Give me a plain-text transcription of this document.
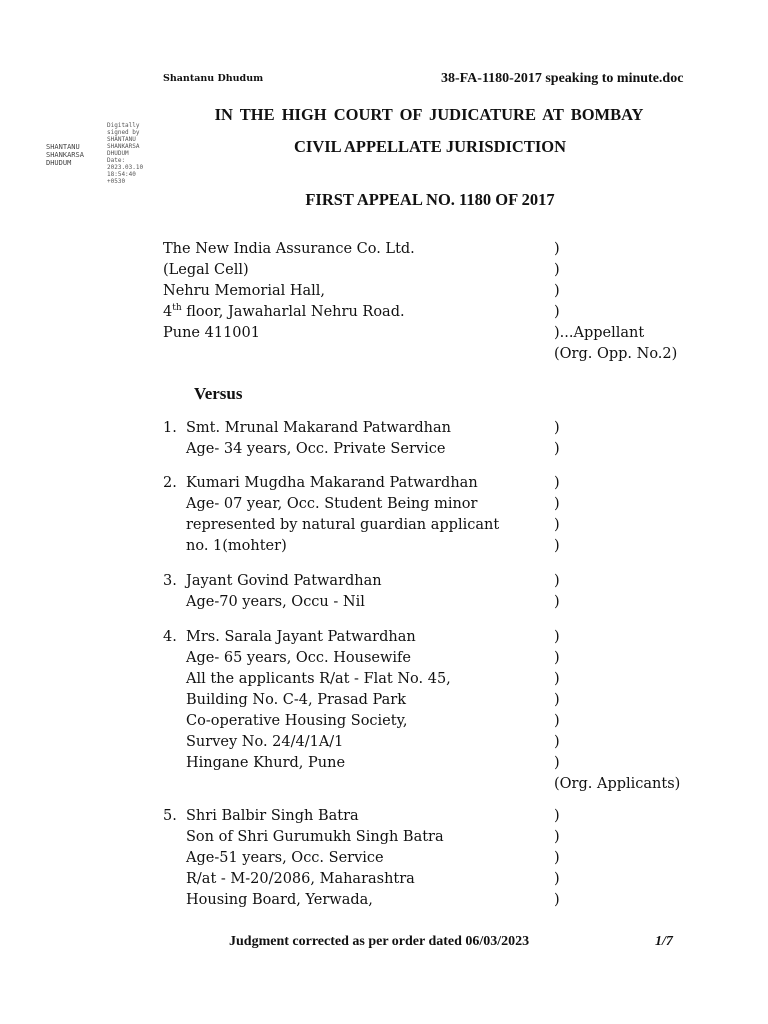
Shantanu Dhudum	38-FA-1180-2017 speaking to minute.doc
SHANTANU
SHANKARSA
DHUDUM
Digitally
signed by
SHANTANU
SHANKARSA
DHUDUM
Date:
2023.03.10
18:54:40
+0530
IN THE HIGH COURT OF JUDICATURE AT BOMBAY
CIVIL APPELLATE JURISDICTION
FIRST APPEAL NO. 1180 OF 2017
The New India Assurance Co. Ltd.
(Legal Cell)
Nehru Memorial Hall,
4th floor, Jawaharlal Nehru Road.
Pune 411001
)
)
)
)
)...Appellant
(Org. Opp. No.2)
Versus
1. Smt. Mrunal Makarand Patwardhan
Age- 34 years, Occ. Private Service
)
)
2. Kumari Mugdha Makarand Patwardhan
Age- 07 year, Occ. Student Being minor
represented by natural guardian applicant
no. 1(mohter)
)
)
)
)
3. Jayant Govind Patwardhan
Age-70 years, Occu - Nil
)
)
4. Mrs. Sarala Jayant Patwardhan
Age- 65 years, Occ. Housewife
All the applicants R/at - Flat No. 45,
Building No. C-4, Prasad Park
Co-operative Housing Society,
Survey No. 24/4/1A/1
Hingane Khurd, Pune
)
)
)
)
)
)
)
(Org. Applicants)
5. Shri Balbir Singh Batra
Son of Shri Gurumukh Singh Batra
Age-51 years, Occ. Service
R/at - M-20/2086, Maharashtra
Housing Board, Yerwada,
)
)
)
)
)
Judgment corrected as per order dated 06/03/2023	1/7
